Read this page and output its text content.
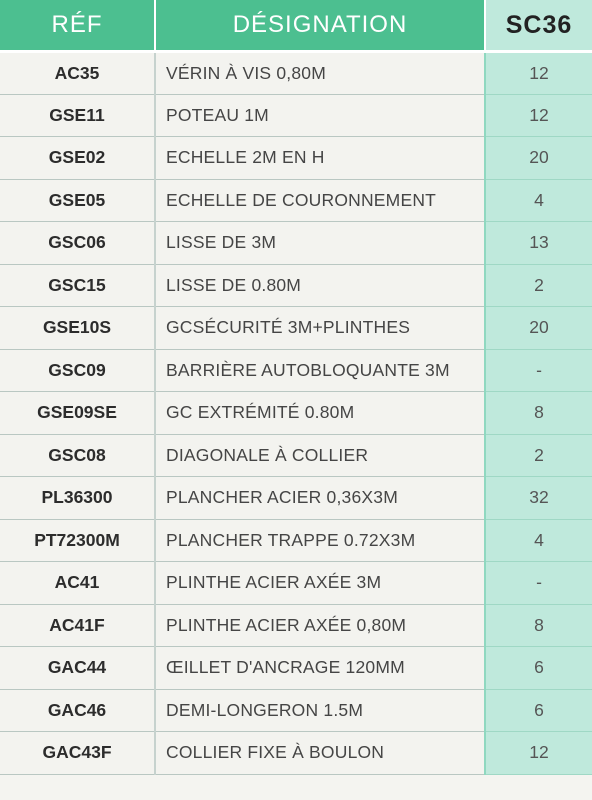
RÉF	DÉSIGNATION	SC36
AC35	VÉRIN À VIS 0,80M	12
GSE11	POTEAU 1M	12
GSE02	ECHELLE 2M EN H	20
GSE05	ECHELLE DE COURONNEMENT	4
GSC06	LISSE DE 3M	13
GSC15	LISSE DE 0.80M	2
GSE10S	GCSÉCURITÉ 3M+PLINTHES	20
GSC09	BARRIÈRE AUTOBLOQUANTE 3M	-
GSE09SE	GC EXTRÉMITÉ 0.80M	8
GSC08	DIAGONALE À COLLIER	2
PL36300	PLANCHER ACIER 0,36X3M	32
PT72300M	PLANCHER TRAPPE 0.72X3M	4
AC41	PLINTHE ACIER AXÉE 3M	-
AC41F	PLINTHE ACIER AXÉE 0,80M	8
GAC44	ŒILLET D'ANCRAGE 120MM	6
GAC46	DEMI-LONGERON 1.5M	6
GAC43F	COLLIER FIXE À BOULON	12
